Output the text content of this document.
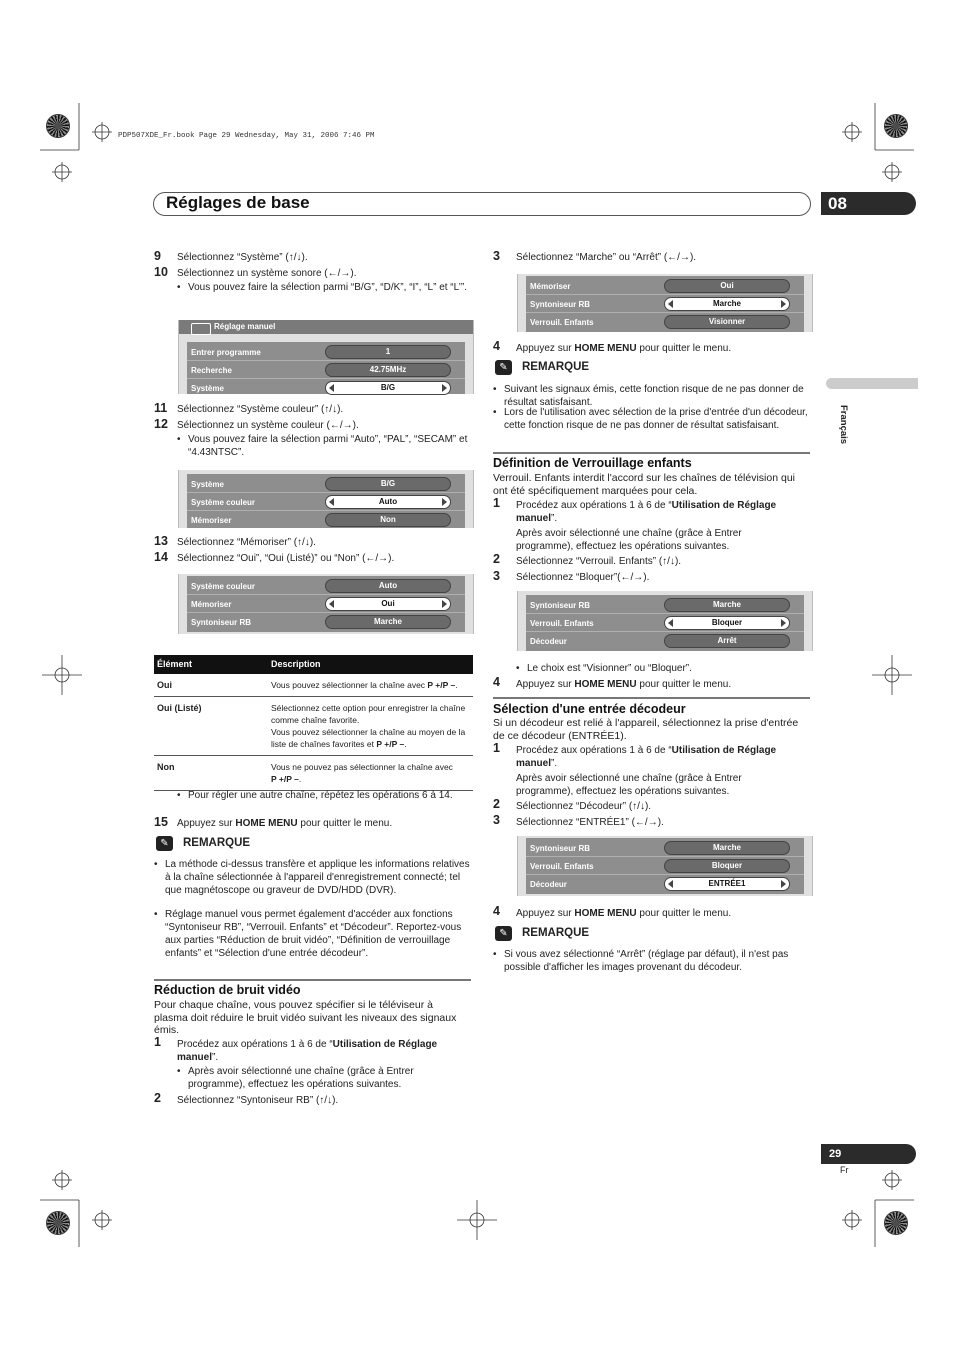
PDP507XDE_Fr.book Page 29 Wednesday, May 31, 2006 7:46 PM
Réglages de base	08
Français
9 Sélectionnez “Système” (↑/↓).
10 Sélectionnez un système sonore (←/→).
• Vous pouvez faire la sélection parmi “B/G”, “D/K”, “I”, “L” et “L’”.
Réglage manuel
Entrer programme	1
Recherche	42.75MHz
Système	B/G
11 Sélectionnez “Système couleur” (↑/↓).
12 Sélectionnez un système couleur (←/→).
• Vous pouvez faire la sélection parmi “Auto”, “PAL”, “SECAM” et “4.43NTSC”.
Système	B/G
Système couleur	Auto
Mémoriser	Non
13 Sélectionnez “Mémoriser” (↑/↓).
14 Sélectionnez “Oui”, “Oui (Listé)” ou “Non” (←/→).
Système couleur	Auto
Mémoriser	Oui
Syntoniseur RB	Marche
Élément	Description
Oui	Vous pouvez sélectionner la chaîne avec P +/P –.
Oui (Listé)	Sélectionnez cette option pour enregistrer la chaîne comme chaîne favorite.
Vous pouvez sélectionner la chaîne au moyen de la liste de chaînes favorites et P +/P –.
Non	Vous ne pouvez pas sélectionner la chaîne avec
P +/P –.
• Pour régler une autre chaîne, répétez les opérations 6 à 14.
15 Appuyez sur HOME MENU pour quitter le menu.
✎	REMARQUE
• La méthode ci-dessus transfère et applique les informations relatives à la chaîne sélectionnée à l'appareil d'enregistrement connecté; tel que magnétoscope ou graveur de DVD/HDD (DVR).
• Réglage manuel vous permet également d'accéder aux fonctions “Syntoniseur RB”, “Verrouil. Enfants” et “Décodeur”. Reportez-vous aux parties “Réduction de bruit vidéo”, “Définition de verrouillage enfants” et “Sélection d'une entrée décodeur”.
Réduction de bruit vidéo
Pour chaque chaîne, vous pouvez spécifier si le téléviseur à plasma doit réduire le bruit vidéo suivant les niveaux des signaux émis.
1 Procédez aux opérations 1 à 6 de “Utilisation de Réglage manuel”.
• Après avoir sélectionné une chaîne (grâce à Entrer programme), effectuez les opérations suivantes.
2 Sélectionnez “Syntoniseur RB” (↑/↓).
3 Sélectionnez “Marche” ou “Arrêt” (←/→).
Mémoriser	Oui
Syntoniseur RB	Marche
Verrouil. Enfants	Visionner
4 Appuyez sur HOME MENU pour quitter le menu.
✎	REMARQUE
• Suivant les signaux émis, cette fonction risque de ne pas donner de résultat satisfaisant.
• Lors de l'utilisation avec sélection de la prise d'entrée d'un décodeur, cette fonction risque de ne pas donner de résultat satisfaisant.
Définition de Verrouillage enfants
Verrouil. Enfants interdit l'accord sur les chaînes de télévision qui ont été spécifiquement marquées pour cela.
1 Procédez aux opérations 1 à 6 de “Utilisation de Réglage manuel”.
Après avoir sélectionné une chaîne (grâce à Entrer programme), effectuez les opérations suivantes.
2 Sélectionnez “Verrouil. Enfants” (↑/↓).
3 Sélectionnez “Bloquer”(←/→).
Syntoniseur RB	Marche
Verrouil. Enfants	Bloquer
Décodeur	Arrêt
• Le choix est “Visionner” ou “Bloquer”.
4 Appuyez sur HOME MENU pour quitter le menu.
Sélection d'une entrée décodeur
Si un décodeur est relié à l'appareil, sélectionnez la prise d'entrée de ce décodeur (ENTRÉE1).
1 Procédez aux opérations 1 à 6 de “Utilisation de Réglage manuel”.
Après avoir sélectionné une chaîne (grâce à Entrer programme), effectuez les opérations suivantes.
2 Sélectionnez “Décodeur” (↑/↓).
3 Sélectionnez “ENTRÉE1” (←/→).
Syntoniseur RB	Marche
Verrouil. Enfants	Bloquer
Décodeur	ENTRÉE1
4 Appuyez sur HOME MENU pour quitter le menu.
✎	REMARQUE
• Si vous avez sélectionné “Arrêt” (réglage par défaut), il n'est pas possible d'afficher les images provenant du décodeur.
29
Fr
